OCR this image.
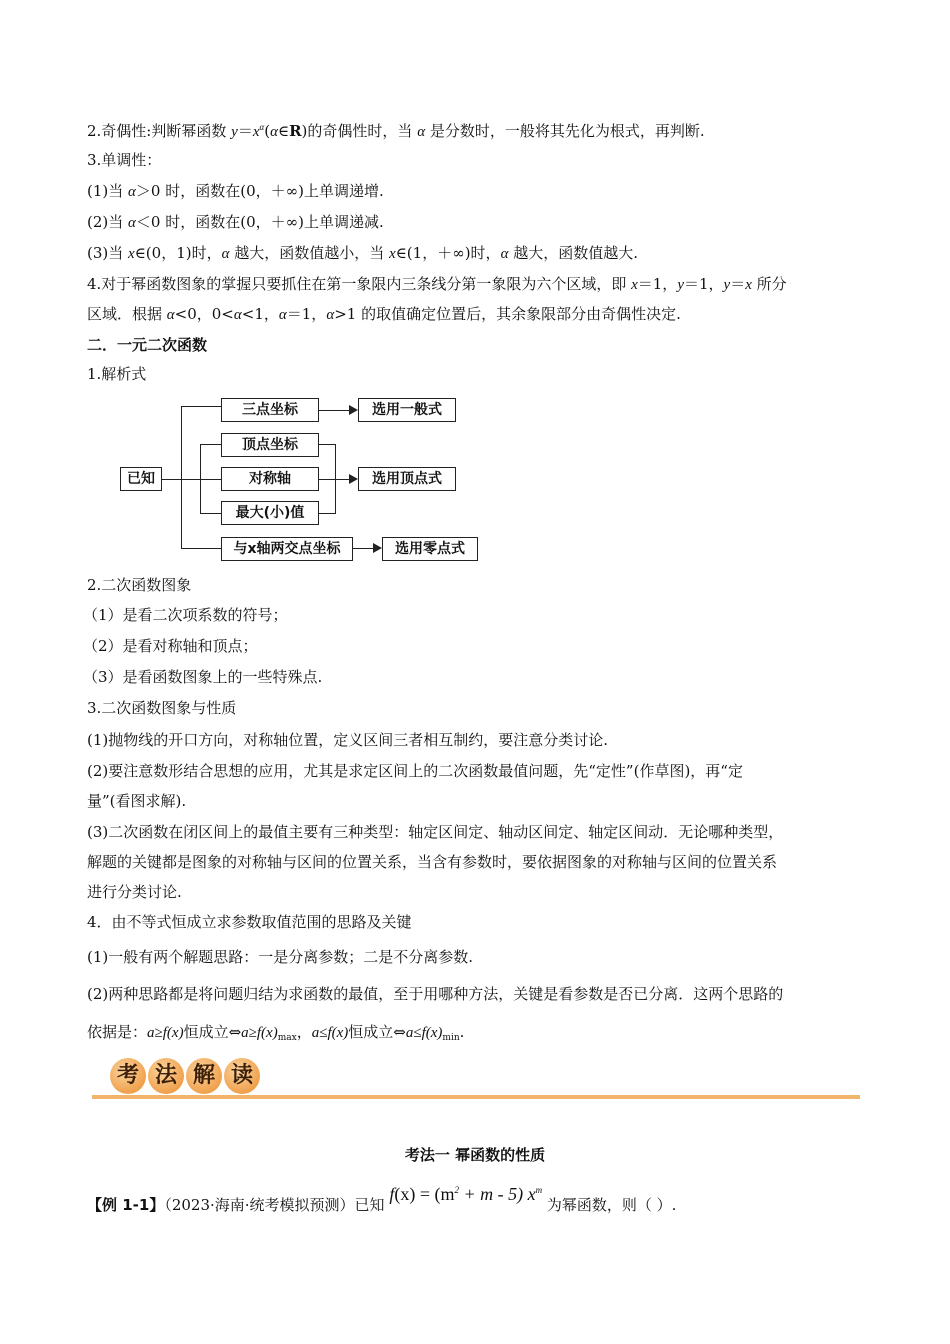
2.奇偶性:判断幂函数 $y=x^\alpha(\alpha\in R)$的奇偶性时，当 α 是分数时，一般将其先化为根式，再判断.
3.单调性：
(1)当 α＞0 时，函数在(0，＋∞)上单调递增.
(2)当 α＜0 时，函数在(0，＋∞)上单调递减.
(3)当 x∈(0，1)时，α 越大，函数值越小，当 x∈(1，＋∞)时，α 越大，函数值越大.
4.对于幂函数图象的掌握只要抓住在第一象限内三条线分第一象限为六个区域，即 x＝1，y＝1，y＝x 所分
区域．根据 α<0，0<α<1，α＝1，α>1 的取值确定位置后，其余象限部分由奇偶性决定.
二．一元二次函数
1.解析式
已知
三点坐标	选用一般式
顶点坐标
对称轴
最大(小)值
选用顶点式
与x轴两交点坐标	选用零点式
2.二次函数图象
（1）是看二次项系数的符号；
（2）是看对称轴和顶点；
（3）是看函数图象上的一些特殊点.
3.二次函数图象与性质
(1)抛物线的开口方向，对称轴位置，定义区间三者相互制约，要注意分类讨论.
(2)要注意数形结合思想的应用，尤其是求定区间上的二次函数最值问题，先“定性”(作草图)，再“定
量”(看图求解).
(3)二次函数在闭区间上的最值主要有三种类型：轴定区间定、轴动区间定、轴定区间动．无论哪种类型，
解题的关键都是图象的对称轴与区间的位置关系，当含有参数时，要依据图象的对称轴与区间的位置关系
进行分类讨论.
4．由不等式恒成立求参数取值范围的思路及关键
(1)一般有两个解题思路：一是分离参数；二是不分离参数.
(2)两种思路都是将问题归结为求函数的最值，至于用哪种方法，关键是看参数是否已分离．这两个思路的
依据是：a≥f(x)恒成立$\Leftrightarrow a\ge f(x)_{max}$，a≤f(x)恒成立$\Leftrightarrow a\le f(x)_{min}$.
考 法 解 读
考法一 幂函数的性质
【例 1-1】（2023·海南·统考模拟预测）已知 $f(x) = (m^2 + m - 5)$ $x^m$ 为幂函数，则（ ）.
